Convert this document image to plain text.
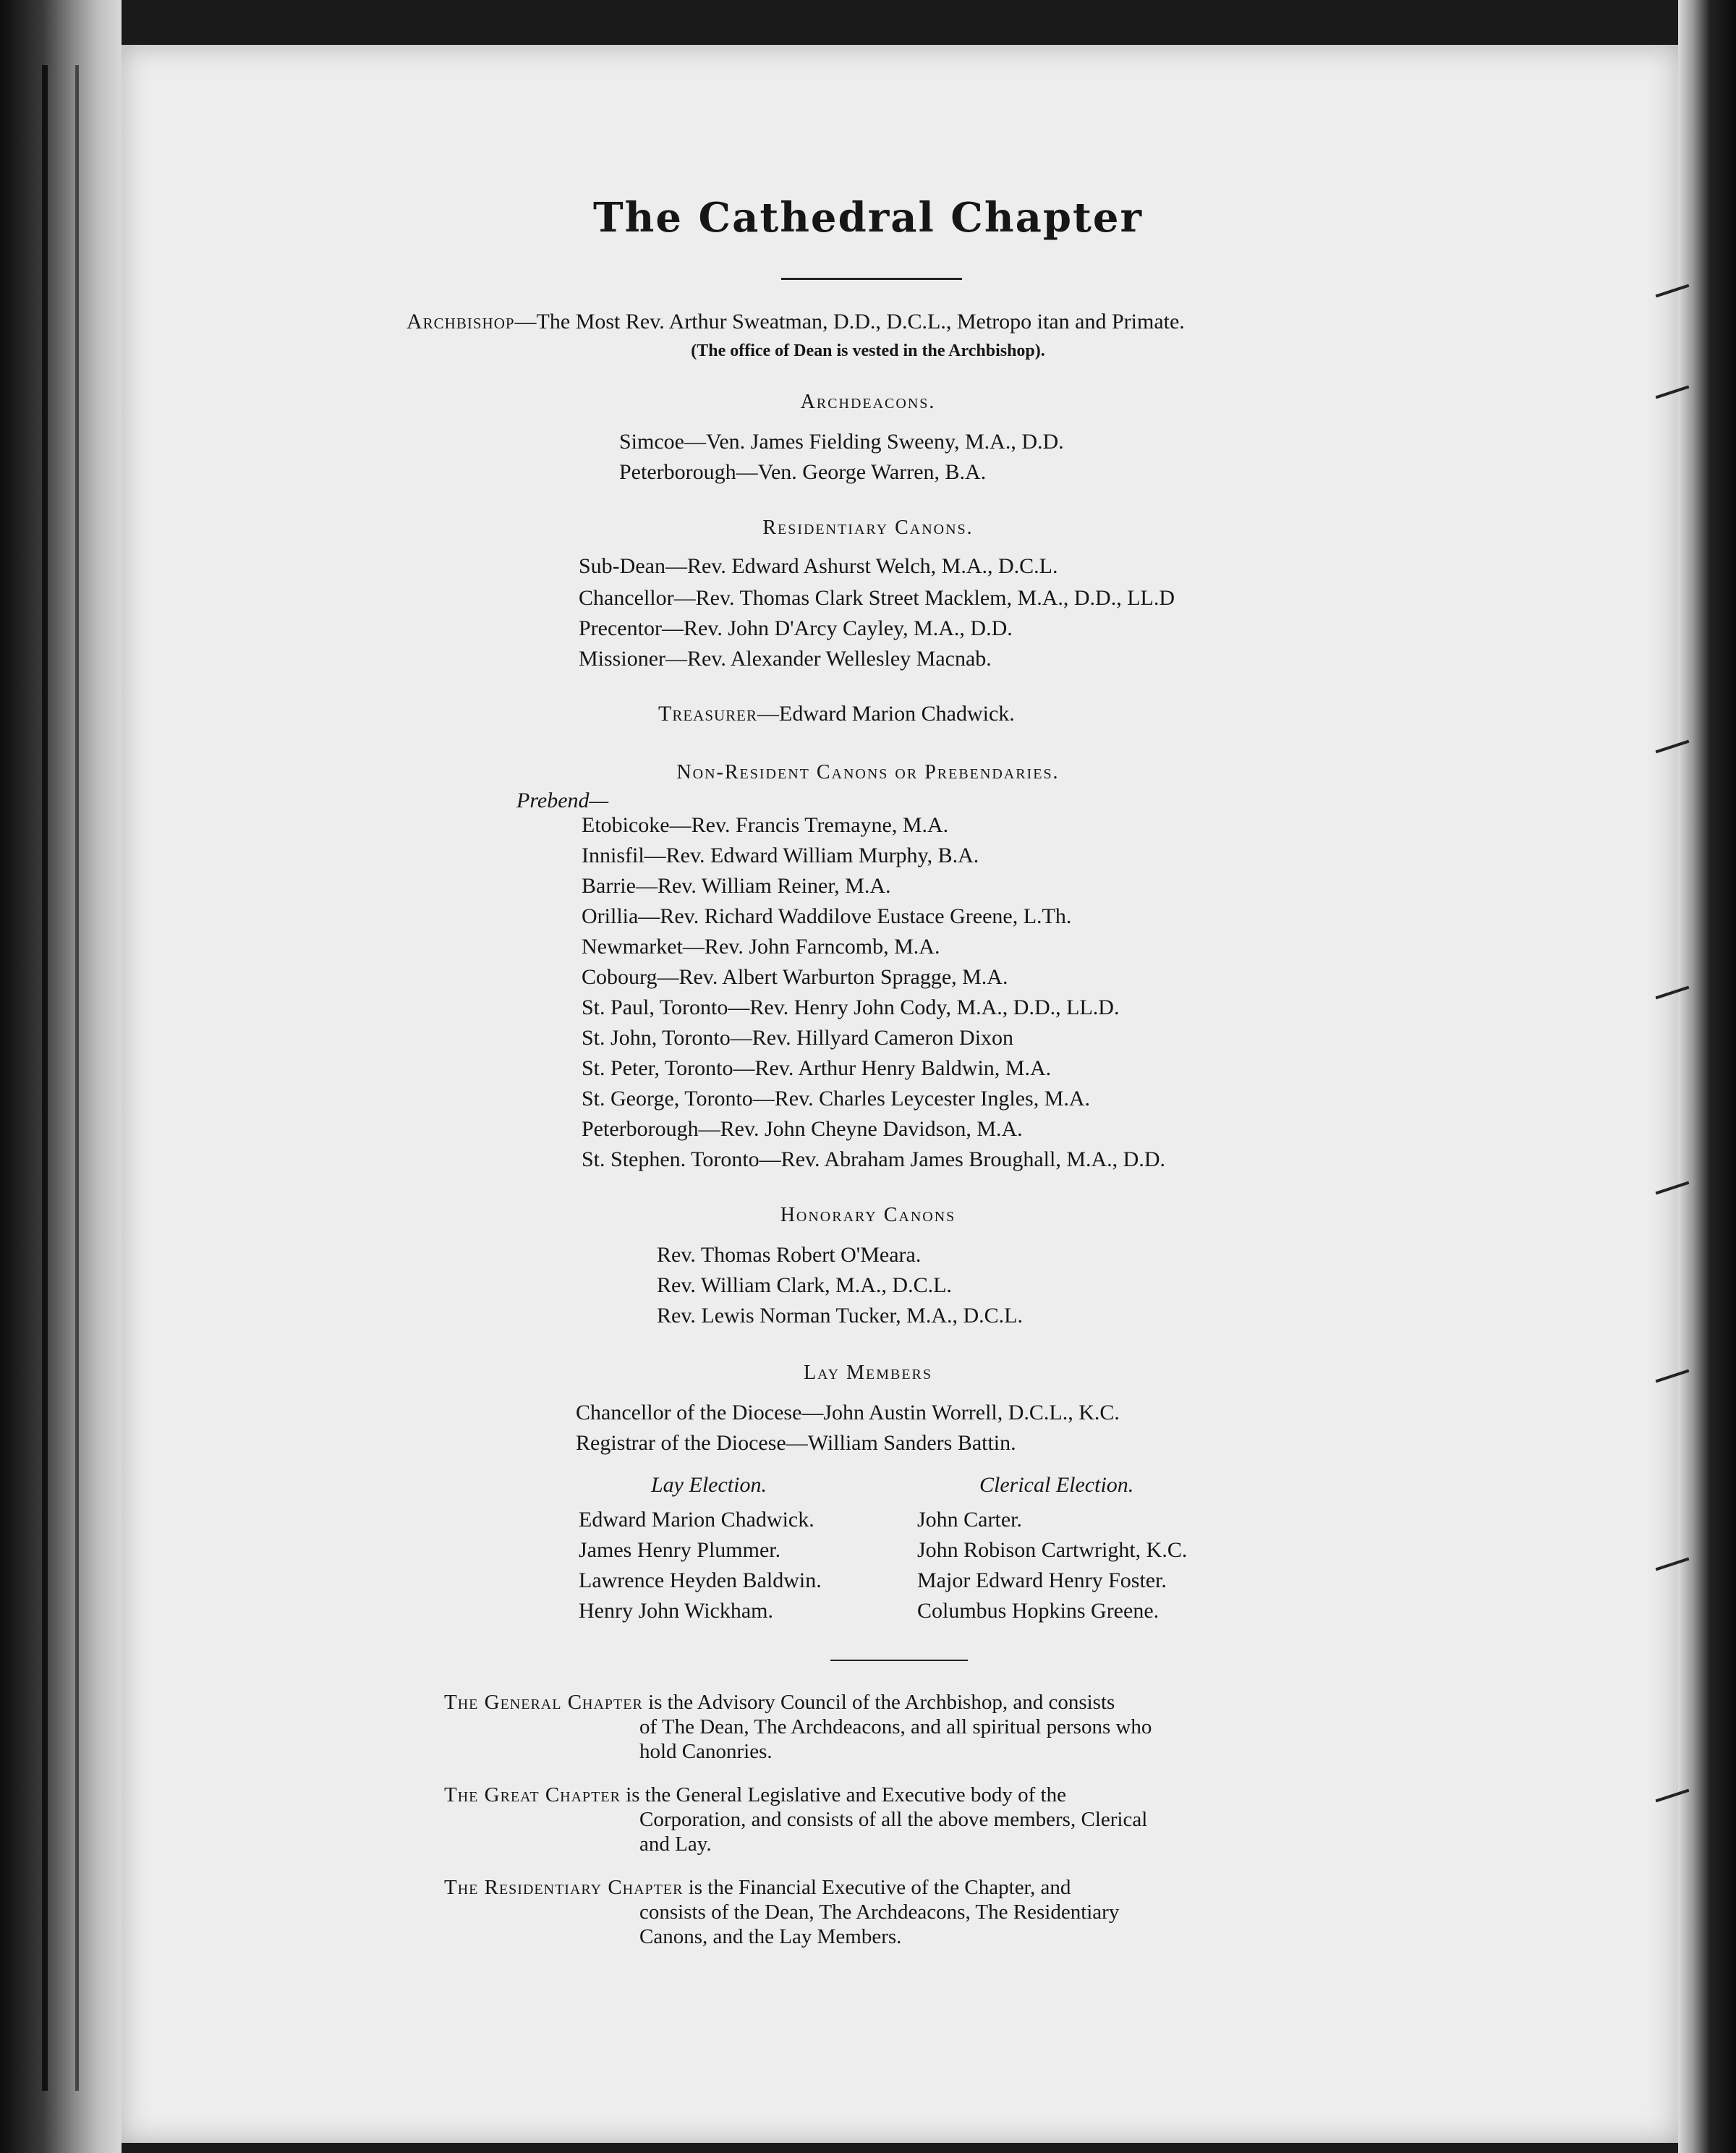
The Cathedral Chapter
Archbishop—The Most Rev. Arthur Sweatman, D.D., D.C.L., Metropo itan and Primate.
(The office of Dean is vested in the Archbishop).
Archdeacons.
Simcoe—Ven. James Fielding Sweeny, M.A., D.D.
Peterborough—Ven. George Warren, B.A.
Residentiary Canons.
Sub-Dean—Rev. Edward Ashurst Welch, M.A., D.C.L.
Chancellor—Rev. Thomas Clark Street Macklem, M.A., D.D., LL.D
Precentor—Rev. John D'Arcy Cayley, M.A., D.D.
Missioner—Rev. Alexander Wellesley Macnab.
Treasurer—Edward Marion Chadwick.
Non-Resident Canons or Prebendaries.
Prebend—
Etobicoke—Rev. Francis Tremayne, M.A.
Innisfil—Rev. Edward William Murphy, B.A.
Barrie—Rev. William Reiner, M.A.
Orillia—Rev. Richard Waddilove Eustace Greene, L.Th.
Newmarket—Rev. John Farncomb, M.A.
Cobourg—Rev. Albert Warburton Spragge, M.A.
St. Paul, Toronto—Rev. Henry John Cody, M.A., D.D., LL.D.
St. John, Toronto—Rev. Hillyard Cameron Dixon
St. Peter, Toronto—Rev. Arthur Henry Baldwin, M.A.
St. George, Toronto—Rev. Charles Leycester Ingles, M.A.
Peterborough—Rev. John Cheyne Davidson, M.A.
St. Stephen. Toronto—Rev. Abraham James Broughall, M.A., D.D.
Honorary Canons
Rev. Thomas Robert O'Meara.
Rev. William Clark, M.A., D.C.L.
Rev. Lewis Norman Tucker, M.A., D.C.L.
Lay Members
Chancellor of the Diocese—John Austin Worrell, D.C.L., K.C.
Registrar of the Diocese—William Sanders Battin.
Lay Election.	Clerical Election.
Edward Marion Chadwick.
James Henry Plummer.
Lawrence Heyden Baldwin.
Henry John Wickham.
John Carter.
John Robison Cartwright, K.C.
Major Edward Henry Foster.
Columbus Hopkins Greene.
The General Chapter is the Advisory Council of the Archbishop, and consists
of The Dean, The Archdeacons, and all spiritual persons who
hold Canonries.
The Great Chapter is the General Legislative and Executive body of the
Corporation, and consists of all the above members, Clerical
and Lay.
The Residentiary Chapter is the Financial Executive of the Chapter, and
consists of the Dean, The Archdeacons, The Residentiary
Canons, and the Lay Members.
